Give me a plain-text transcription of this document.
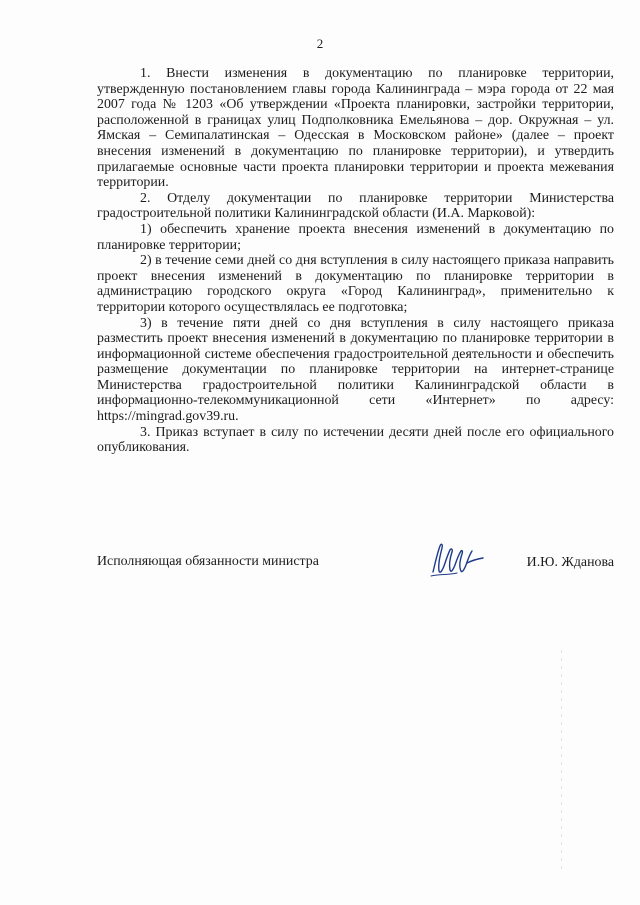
2

1. Внести изменения в документацию по планировке территории, утвержденную постановлением главы города Калининграда – мэра города от 22 мая 2007 года № 1203 «Об утверждении «Проекта планировки, застройки территории, расположенной в границах улиц Подполковника Емельянова – дор. Окружная – ул. Ямская – Семипалатинская – Одесская в Московском районе» (далее – проект внесения изменений в документацию по планировке территории), и утвердить прилагаемые основные части проекта планировки территории и проекта межевания территории.

2. Отделу документации по планировке территории Министерства градостроительной политики Калининградской области (И.А. Марковой):

1) обеспечить хранение проекта внесения изменений в документацию по планировке территории;

2) в течение семи дней со дня вступления в силу настоящего приказа направить проект внесения изменений в документацию по планировке территории в администрацию городского округа «Город Калининград», применительно к территории которого осуществлялась ее подготовка;

3) в течение пяти дней со дня вступления в силу настоящего приказа разместить проект внесения изменений в документацию по планировке территории в информационной системе обеспечения градостроительной деятельности и обеспечить размещение документации по планировке территории на интернет-странице Министерства градостроительной политики Калининградской области в информационно-телекоммуникационной сети «Интернет» по адресу: https://mingrad.gov39.ru.

3. Приказ вступает в силу по истечении десяти дней после его официального опубликования.

Исполняющая обязанности министра	И.Ю. Жданова
